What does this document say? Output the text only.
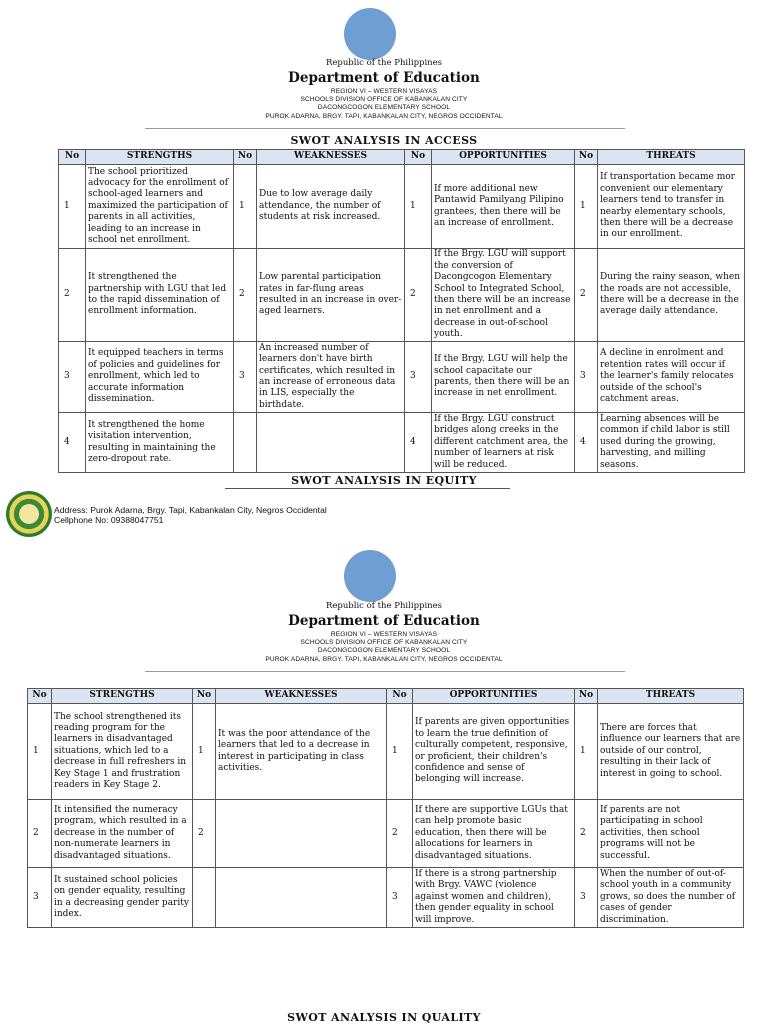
Republic of the Philippines
Department of Education
REGION VI – WESTERN VISAYAS
SCHOOLS DIVISION OFFICE OF KABANKALAN CITY
DACONGCOGON ELEMENTARY SCHOOL
PUROK ADARNA, BRGY. TAPI, KABANKALAN CITY, NEGROS OCCIDENTAL
SWOT ANALYSIS IN ACCESS
No	STRENGTHS	No	WEAKNESSES	No	OPPORTUNITIES	No	THREATS
1	The school prioritized advocacy for the enrollment of school-aged learners and maximized the participation of parents in all activities, leading to an increase in school net enrollment.	1	Due to low average daily attendance, the number of students at risk increased.	1	If more additional new Pantawid Pamilyang Pilipino grantees, then there will be an increase of enrollment.	1	If transportation became mor convenient our elementary learners tend to transfer in nearby elementary schools, then there will be a decrease in our enrollment.
2	It strengthened the partnership with LGU that led to the rapid dissemination of enrollment information.	2	Low parental participation rates in far-flung areas resulted in an increase in over-aged learners.	2	If the Brgy. LGU will support the conversion of Dacongcogon Elementary School to Integrated School, then there will be an increase in net enrollment and a decrease in out-of-school youth.	2	During the rainy season, when the roads are not accessible, there will be a decrease in the average daily attendance.
3	It equipped teachers in terms of policies and guidelines for enrollment, which led to accurate information dissemination.	3	An increased number of learners don't have birth certificates, which resulted in an increase of erroneous data in LIS, especially the birthdate.	3	If the Brgy. LGU will help the school capacitate our parents, then there will be an increase in net enrollment.	3	A decline in enrolment and retention rates will occur if the learner's family relocates outside of the school's catchment areas.
4	It strengthened the home visitation intervention, resulting in maintaining the zero-dropout rate.			4	If the Brgy. LGU construct bridges along creeks in the different catchment area, the number of learners at risk will be reduced.	4	Learning absences will be common if child labor is still used during the growing, harvesting, and milling seasons.
SWOT ANALYSIS IN EQUITY
Address: Purok Adarna, Brgy. Tapi, Kabankalan City, Negros Occidental
Cellphone No: 09388047751
Republic of the Philippines
Department of Education
REGION VI – WESTERN VISAYAS
SCHOOLS DIVISION OFFICE OF KABANKALAN CITY
DACONGCOGON ELEMENTARY SCHOOL
PUROK ADARNA, BRGY. TAPI, KABANKALAN CITY, NEGROS OCCIDENTAL
No	STRENGTHS	No	WEAKNESSES	No	OPPORTUNITIES	No	THREATS
1	The school strengthened its reading program for the learners in disadvantaged situations, which led to a decrease in full refreshers in Key Stage 1 and frustration readers in Key Stage 2.	1	It was the poor attendance of the learners that led to a decrease in interest in participating in class activities.	1	If parents are given opportunities to learn the true definition of culturally competent, responsive, or proficient, their children's confidence and sense of belonging will increase.	1	There are forces that influence our learners that are outside of our control, resulting in their lack of interest in going to school.
2	It intensified the numeracy program, which resulted in a decrease in the number of non-numerate learners in disadvantaged situations.	2		2	If there are supportive LGUs that can help promote basic education, then there will be allocations for learners in disadvantaged situations.	2	If parents are not participating in school activities, then school programs will not be successful.
3	It sustained school policies on gender equality, resulting in a decreasing gender parity index.			3	If there is a strong partnership with Brgy. VAWC (violence against women and children), then gender equality in school will improve.	3	When the number of out-of-school youth in a community grows, so does the number of cases of gender discrimination.
SWOT ANALYSIS IN QUALITY
